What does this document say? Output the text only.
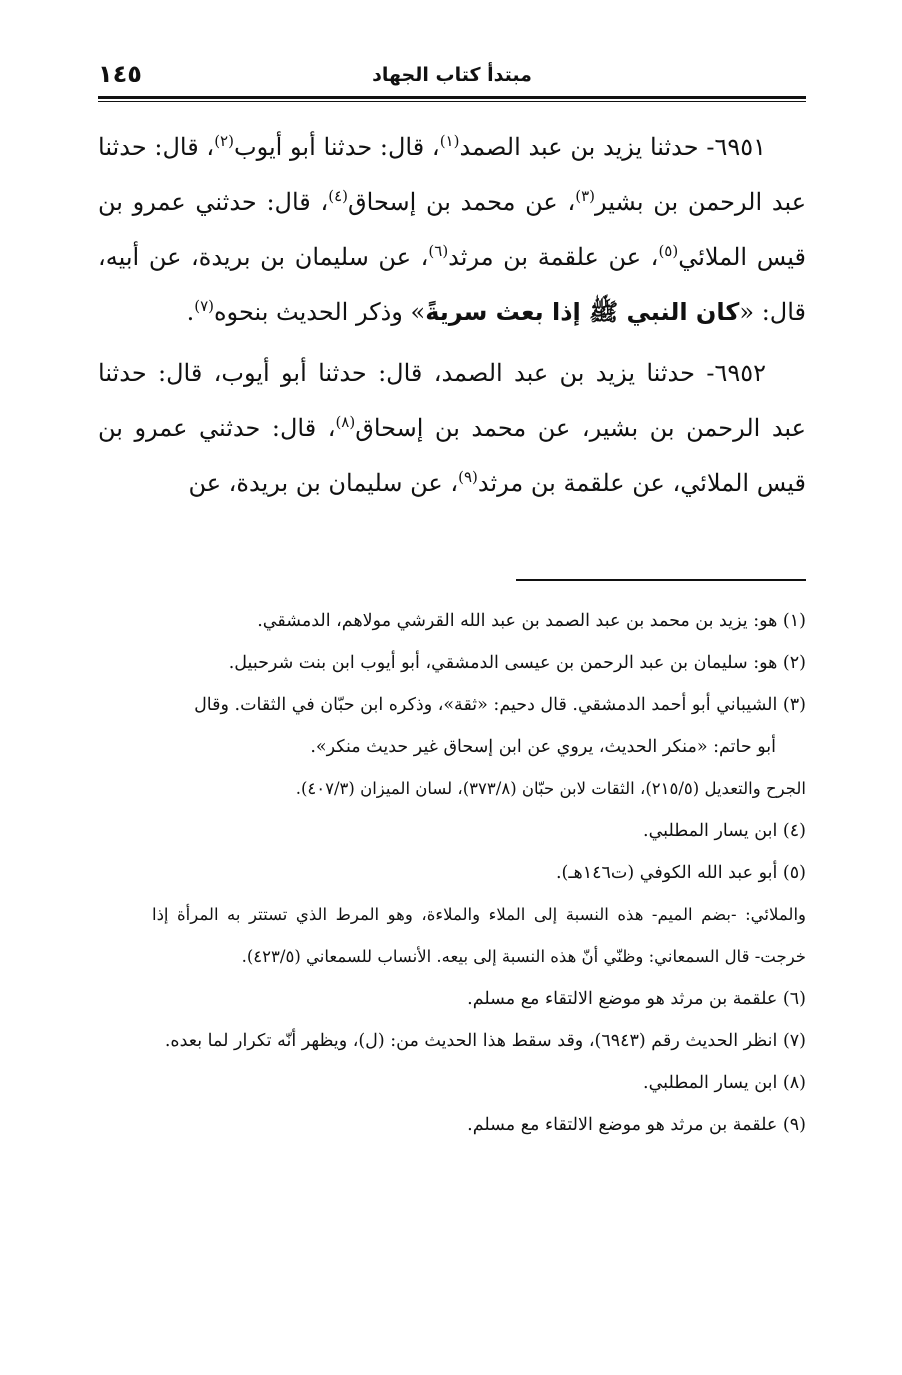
مبتدأ كتاب الجهاد
١٤٥

٦٩٥١- حدثنا يزيد بن عبد الصمد$^{(١)}$، قال: حدثنا أبو أيوب$^{(٢)}$، قال: حدثنا عبد الرحمن بن بشير$^{(٣)}$، عن محمد بن إسحاق$^{(٤)}$، قال: حدثني عمرو بن قيس الملائي$^{(٥)}$، عن علقمة بن مرثد$^{(٦)}$، عن سليمان بن بريدة، عن أبيه، قال: «كان النبي ﷺ إذا بعث سريةً» وذكر الحديث بنحوه$^{(٧)}$.

٦٩٥٢- حدثنا يزيد بن عبد الصمد، قال: حدثنا أبو أيوب، قال: حدثنا عبد الرحمن بن بشير، عن محمد بن إسحاق$^{(٨)}$، قال: حدثني عمرو بن قيس الملائي، عن علقمة بن مرثد$^{(٩)}$، عن سليمان بن بريدة، عن

(١) هو: يزيد بن محمد بن عبد الصمد بن عبد الله القرشي مولاهم، الدمشقي.

(٢) هو: سليمان بن عبد الرحمن بن عيسى الدمشقي، أبو أيوب ابن بنت شرحبيل.

(٣) الشيباني أبو أحمد الدمشقي. قال دحيم: «ثقة»، وذكره ابن حبّان في الثقات. وقال

أبو حاتم: «منكر الحديث، يروي عن ابن إسحاق غير حديث منكر».

الجرح والتعديل (٢١٥/٥)، الثقات لابن حبّان (٣٧٣/٨)، لسان الميزان (٤٠٧/٣).

(٤) ابن يسار المطلبي.

(٥) أبو عبد الله الكوفي (ت١٤٦هـ).

والملائي: -بضم الميم- هذه النسبة إلى الملاء والملاءة، وهو المرط الذي تستتر به المرأة إذا خرجت- قال السمعاني: وظنّي أنّ هذه النسبة إلى بيعه. الأنساب للسمعاني (٤٢٣/٥).

(٦) علقمة بن مرثد هو موضع الالتقاء مع مسلم.

(٧) انظر الحديث رقم (٦٩٤٣)، وقد سقط هذا الحديث من: (ل)، ويظهر أنّه تكرار لما بعده.

(٨) ابن يسار المطلبي.

(٩) علقمة بن مرثد هو موضع الالتقاء مع مسلم.
